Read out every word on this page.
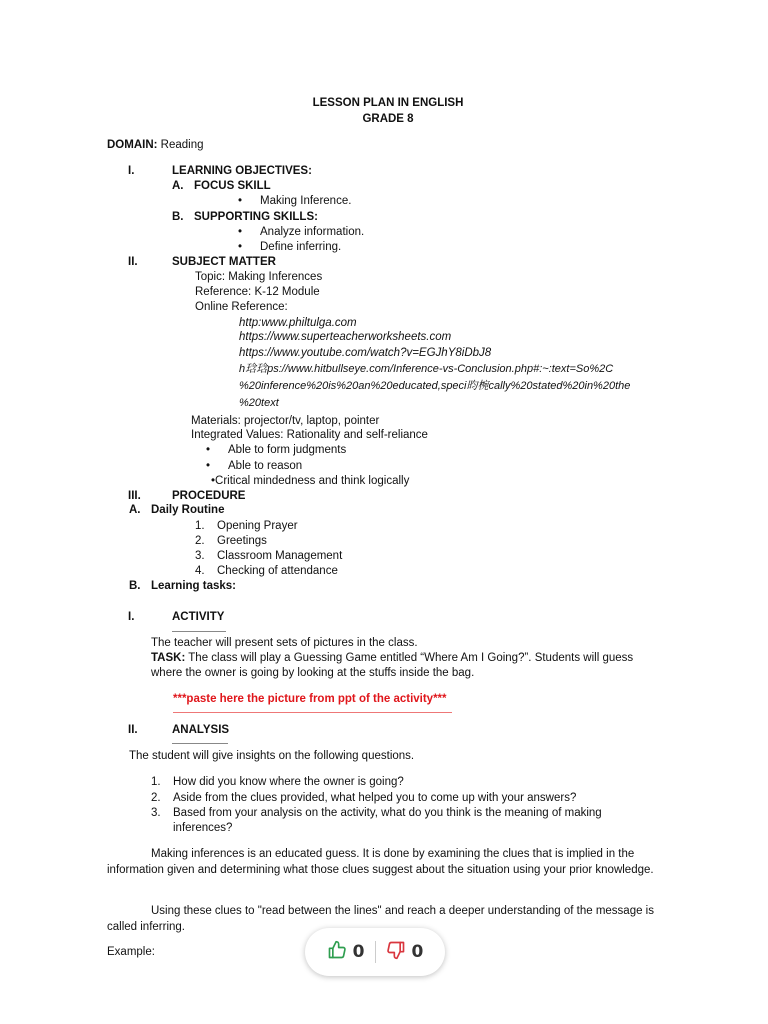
LESSON PLAN IN ENGLISH
GRADE 8
DOMAIN: Reading
I.	LEARNING OBJECTIVES:
A. FOCUS SKILL
• Making Inference.
B. SUPPORTING SKILLS:
• Analyze information.
• Define inferring.
II.	SUBJECT MATTER
Topic: Making Inferences
Reference: K-12 Module
Online Reference:
http:www.philtulga.com
https://www.superteacherworksheets.com
https://www.youtube.com/watch?v=EGJhY8iDbJ8
h琀琀ps://www.hitbullseye.com/Inference-vs-Conclusion.php#:~:text=So%2C
%20inference%20is%20an%20educated,speci昀椀cally%20stated%20in%20the
%20text
Materials: projector/tv, laptop, pointer
Integrated Values: Rationality and self-reliance
• Able to form judgments
• Able to reason
•Critical mindedness and think logically
III.	PROCEDURE
A. Daily Routine
1. Opening Prayer
2. Greetings
3. Classroom Management
4. Checking of attendance
B. Learning tasks:
I.	ACTIVITY
The teacher will present sets of pictures in the class.
TASK: The class will play a Guessing Game entitled “Where Am I Going?”. Students will guess
where the owner is going by looking at the stuffs inside the bag.
***paste here the picture from ppt of the activity***
II.	ANALYSIS
The student will give insights on the following questions.
1. How did you know where the owner is going?
2. Aside from the clues provided, what helped you to come up with your answers?
3. Based from your analysis on the activity, what do you think is the meaning of making
inferences?
Making inferences is an educated guess. It is done by examining the clues that is implied in the information given and determining what those clues suggest about the situation using your prior knowledge.
Using these clues to "read between the lines" and reach a deeper understanding of the message is called inferring.
Example:	0	0
